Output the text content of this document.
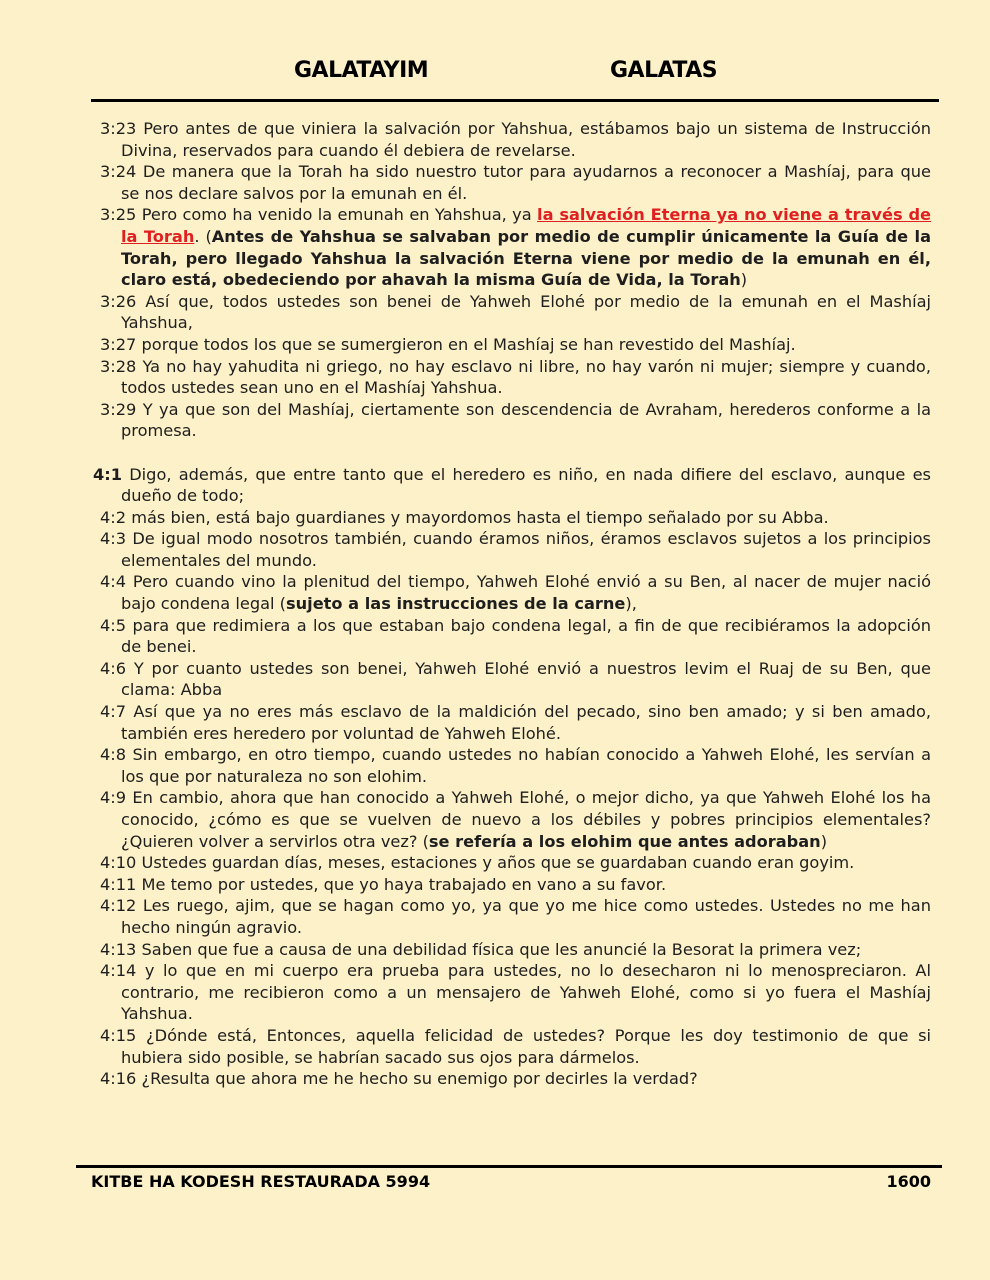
GALATAYIM	GALATAS
3:23 Pero antes de que viniera la salvación por Yahshua, estábamos bajo un sistema de Instrucción Divina, reservados para cuando él debiera de revelarse.
3:24 De manera que la Torah ha sido nuestro tutor para ayudarnos a reconocer a Mashíaj, para que se nos declare salvos por la emunah en él.
3:25 Pero como ha venido la emunah en Yahshua, ya la salvación Eterna ya no viene a través de la Torah. (Antes de Yahshua se salvaban por medio de cumplir únicamente la Guía de la Torah, pero llegado Yahshua la salvación Eterna viene por medio de la emunah en él, claro está, obedeciendo por ahavah la misma Guía de Vida, la Torah)
3:26 Así que, todos ustedes son benei de Yahweh Elohé por medio de la emunah en el Mashíaj Yahshua,
3:27 porque todos los que se sumergieron en el Mashíaj se han revestido del Mashíaj.
3:28 Ya no hay yahudita ni griego, no hay esclavo ni libre, no hay varón ni mujer; siempre y cuando, todos ustedes sean uno en el Mashíaj Yahshua.
3:29 Y ya que son del Mashíaj, ciertamente son descendencia de Avraham, herederos conforme a la promesa.
4:1 Digo, además, que entre tanto que el heredero es niño, en nada difiere del esclavo, aunque es dueño de todo;
4:2 más bien, está bajo guardianes y mayordomos hasta el tiempo señalado por su Abba.
4:3 De igual modo nosotros también, cuando éramos niños, éramos esclavos sujetos a los principios elementales del mundo.
4:4 Pero cuando vino la plenitud del tiempo, Yahweh Elohé envió a su Ben, al nacer de mujer nació bajo condena legal (sujeto a las instrucciones de la carne),
4:5 para que redimiera a los que estaban bajo condena legal, a fin de que recibiéramos la adopción de benei.
4:6 Y por cuanto ustedes son benei, Yahweh Elohé envió a nuestros levim el Ruaj de su Ben, que clama: Abba
4:7 Así que ya no eres más esclavo de la maldición del pecado, sino ben amado; y si ben amado, también eres heredero por voluntad de Yahweh Elohé.
4:8 Sin embargo, en otro tiempo, cuando ustedes no habían conocido a Yahweh Elohé, les servían a los que por naturaleza no son elohim.
4:9 En cambio, ahora que han conocido a Yahweh Elohé, o mejor dicho, ya que Yahweh Elohé los ha conocido, ¿cómo es que se vuelven de nuevo a los débiles y pobres principios elementales? ¿Quieren volver a servirlos otra vez? (se refería a los elohim que antes adoraban)
4:10 Ustedes guardan días, meses, estaciones y años que se guardaban cuando eran goyim.
4:11 Me temo por ustedes, que yo haya trabajado en vano a su favor.
4:12 Les ruego, ajim, que se hagan como yo, ya que yo me hice como ustedes. Ustedes no me han hecho ningún agravio.
4:13 Saben que fue a causa de una debilidad física que les anuncié la Besorat la primera vez;
4:14 y lo que en mi cuerpo era prueba para ustedes, no lo desecharon ni lo menospreciaron. Al contrario, me recibieron como a un mensajero de Yahweh Elohé, como si yo fuera el Mashíaj Yahshua.
4:15 ¿Dónde está, Entonces, aquella felicidad de ustedes? Porque les doy testimonio de que si hubiera sido posible, se habrían sacado sus ojos para dármelos.
4:16 ¿Resulta que ahora me he hecho su enemigo por decirles la verdad?
KITBE HA KODESH RESTAURADA 5994	1600
